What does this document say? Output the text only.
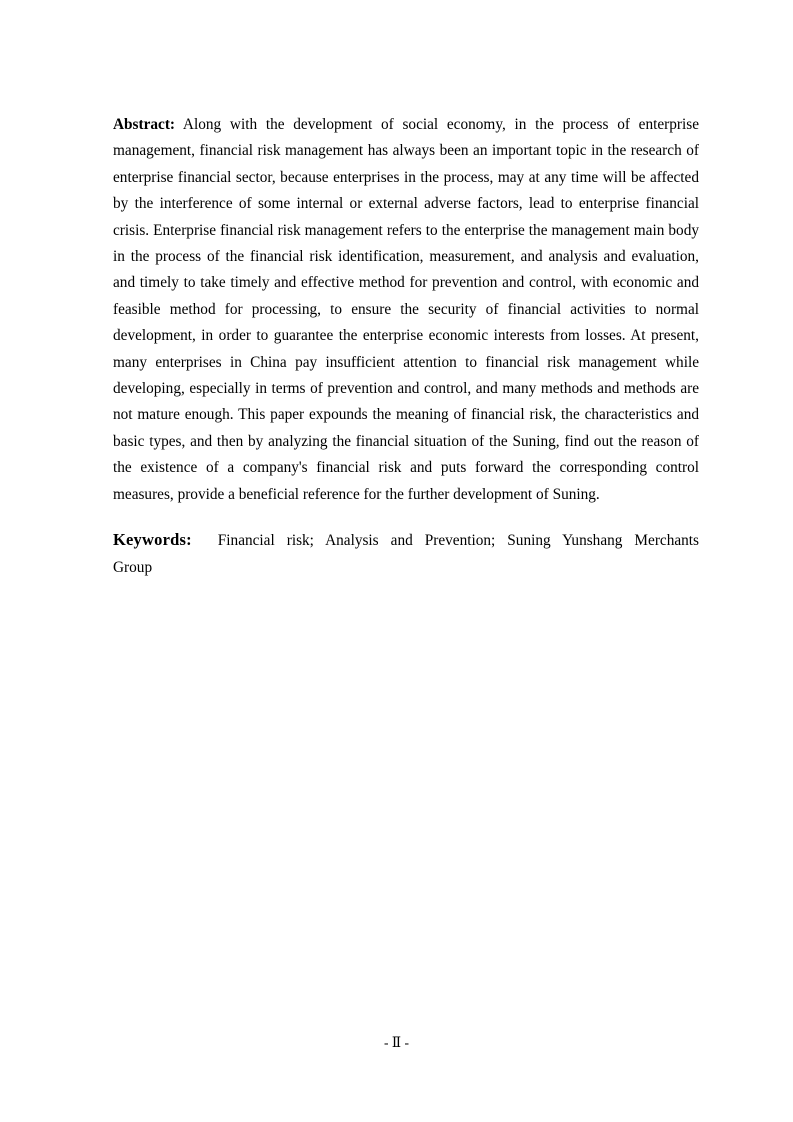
Abstract: Along with the development of social economy, in the process of enterprise management, financial risk management has always been an important topic in the research of enterprise financial sector, because enterprises in the process, may at any time will be affected by the interference of some internal or external adverse factors, lead to enterprise financial crisis. Enterprise financial risk management refers to the enterprise the management main body in the process of the financial risk identification, measurement, and analysis and evaluation, and timely to take timely and effective method for prevention and control, with economic and feasible method for processing, to ensure the security of financial activities to normal development, in order to guarantee the enterprise economic interests from losses. At present, many enterprises in China pay insufficient attention to financial risk management while developing, especially in terms of prevention and control, and many methods and methods are not mature enough. This paper expounds the meaning of financial risk, the characteristics and basic types, and then by analyzing the financial situation of the Suning, find out the reason of the existence of a company's financial risk and puts forward the corresponding control measures, provide a beneficial reference for the further development of Suning.

Keywords: Financial risk; Analysis and Prevention; Suning Yunshang Merchants Group
- Ⅱ -
